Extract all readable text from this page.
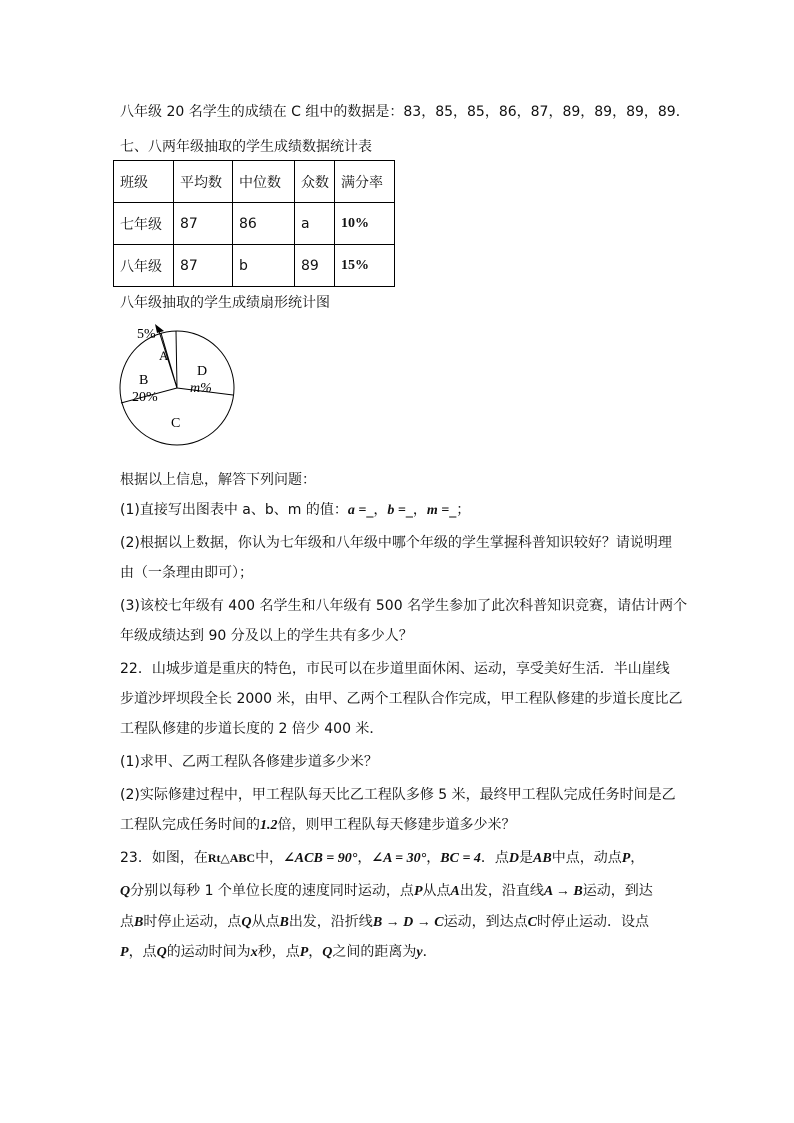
八年级 20 名学生的成绩在 C 组中的数据是：83，85，85，86，87，89，89，89，89．
七、八两年级抽取的学生成绩数据统计表
班级	平均数	中位数	众数	满分率
七年级	87	86	a	10%
八年级	87	b	89	15%
八年级抽取的学生成绩扇形统计图
5%
A
B
20%
D
m%
C
根据以上信息，解答下列问题：
(1)直接写出图表中 a、b、m 的值：a =_，b =_，m =_；
(2)根据以上数据，你认为七年级和八年级中哪个年级的学生掌握科普知识较好？请说明理
由（一条理由即可）；
(3)该校七年级有 400 名学生和八年级有 500 名学生参加了此次科普知识竞赛，请估计两个
年级成绩达到 90 分及以上的学生共有多少人？
22．山城步道是重庆的特色，市民可以在步道里面休闲、运动，享受美好生活．半山崖线
步道沙坪坝段全长 2000 米，由甲、乙两个工程队合作完成，甲工程队修建的步道长度比乙
工程队修建的步道长度的 2 倍少 400 米．
(1)求甲、乙两工程队各修建步道多少米？
(2)实际修建过程中，甲工程队每天比乙工程队多修 5 米，最终甲工程队完成任务时间是乙
工程队完成任务时间的1.2倍，则甲工程队每天修建步道多少米？
23．如图，在Rt△ABC中，∠ACB = 90°，∠A = 30°，BC = 4．点D是AB中点，动点P，
Q分别以每秒 1 个单位长度的速度同时运动，点P从点A出发，沿直线A → B运动，到达
点B时停止运动，点Q从点B出发，沿折线B → D → C运动，到达点C时停止运动．设点
P，点Q的运动时间为x秒，点P，Q之间的距离为y．
